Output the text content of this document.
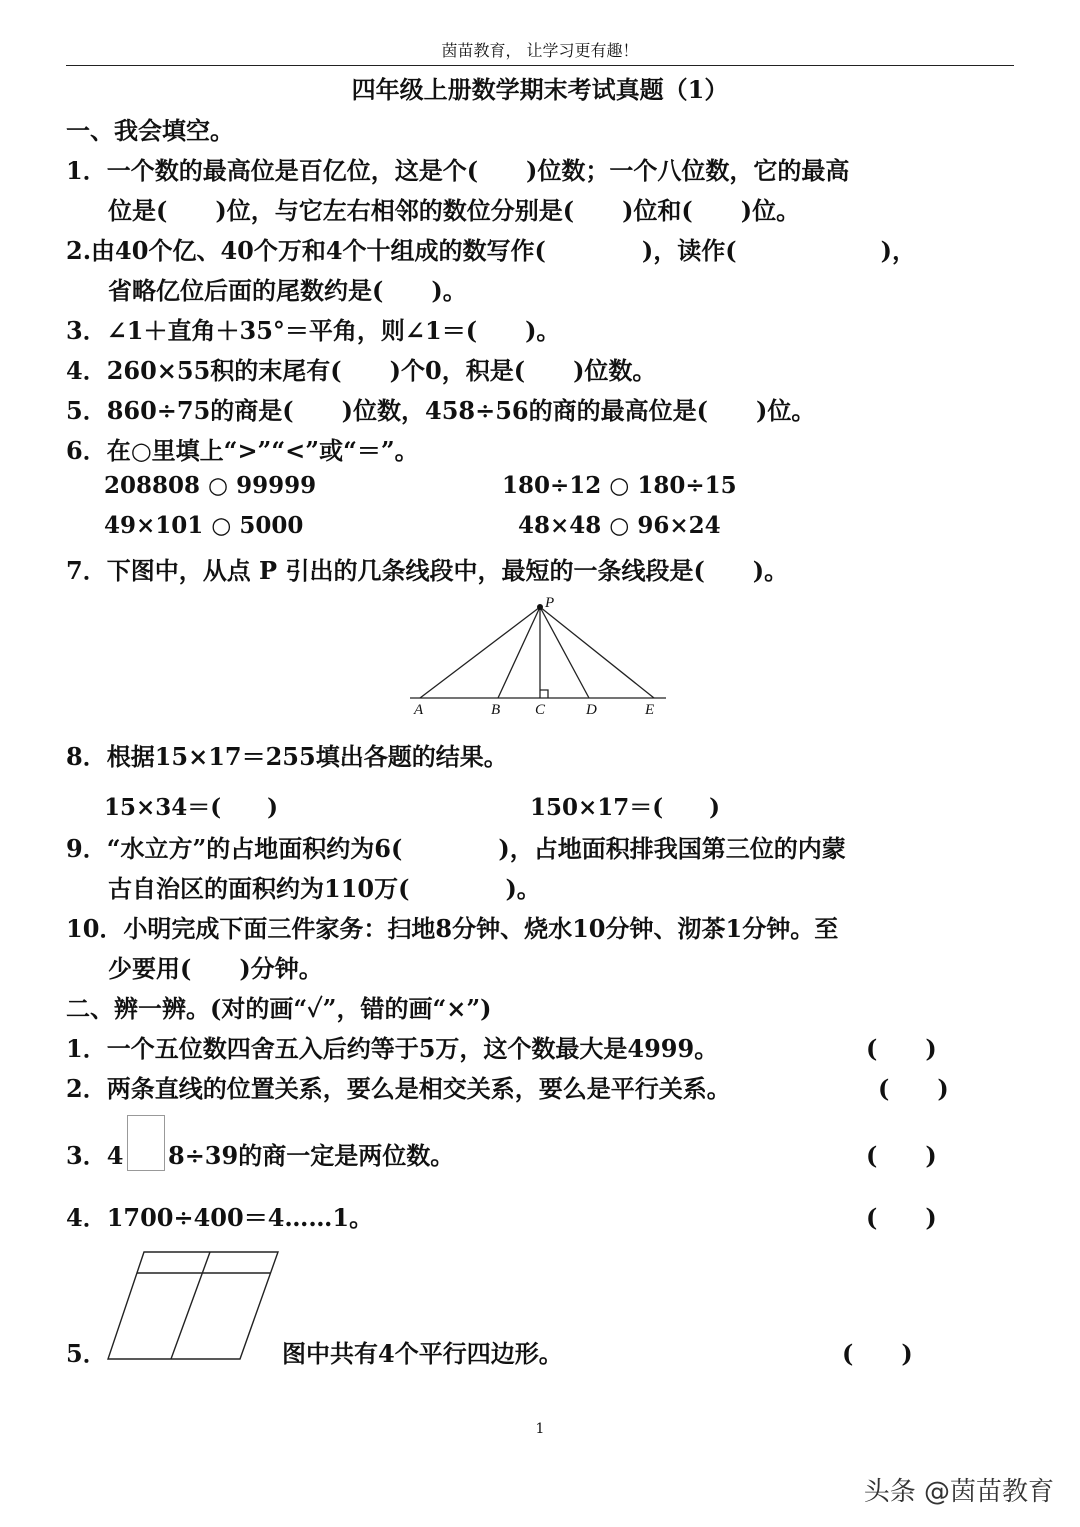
茵苗教育， 让学习更有趣！
四年级上册数学期末考试真题（1）
一、我会填空。
1．一个数的最高位是百亿位，这是个(　　)位数；一个八位数，它的最高
位是(　　)位，与它左右相邻的数位分别是(　　)位和(　　)位。
2.由40个亿、40个万和4个十组成的数写作(　　　　)，读作(　　　　　　)，
省略亿位后面的尾数约是(　　)。
3．∠1＋直角＋35°＝平角，则∠1＝(　　)。
4．260×55积的末尾有(　　)个0，积是(　　)位数。
5．860÷75的商是(　　)位数，458÷56的商的最高位是(　　)位。
6．在○里填上“>”“<”或“＝”。
208808 ○ 99999	180÷12 ○ 180÷15
49×101 ○ 5000	48×48 ○ 96×24
7．下图中，从点 P 引出的几条线段中，最短的一条线段是(　　)。
P
A	B C	D	E
8．根据15×17＝255填出各题的结果。
15×34＝(　　)	150×17＝(　　)
9．“水立方”的占地面积约为6(　　　　)，占地面积排我国第三位的内蒙
古自治区的面积约为110万(　　　　)。
10．小明完成下面三件家务：扫地8分钟、烧水10分钟、沏茶1分钟。至
少要用(　　)分钟。
二、辨一辨。(对的画“✓”，错的画“×”)
1．一个五位数四舍五入后约等于5万，这个数最大是4999。	(　　)
2．两条直线的位置关系，要么是相交关系，要么是平行关系。	(　　)
3．4 8÷39的商一定是两位数。	(　　)
4．1700÷400＝4……1。	(　　)
5．	图中共有4个平行四边形。	(　　)
1
头条 @茵苗教育
